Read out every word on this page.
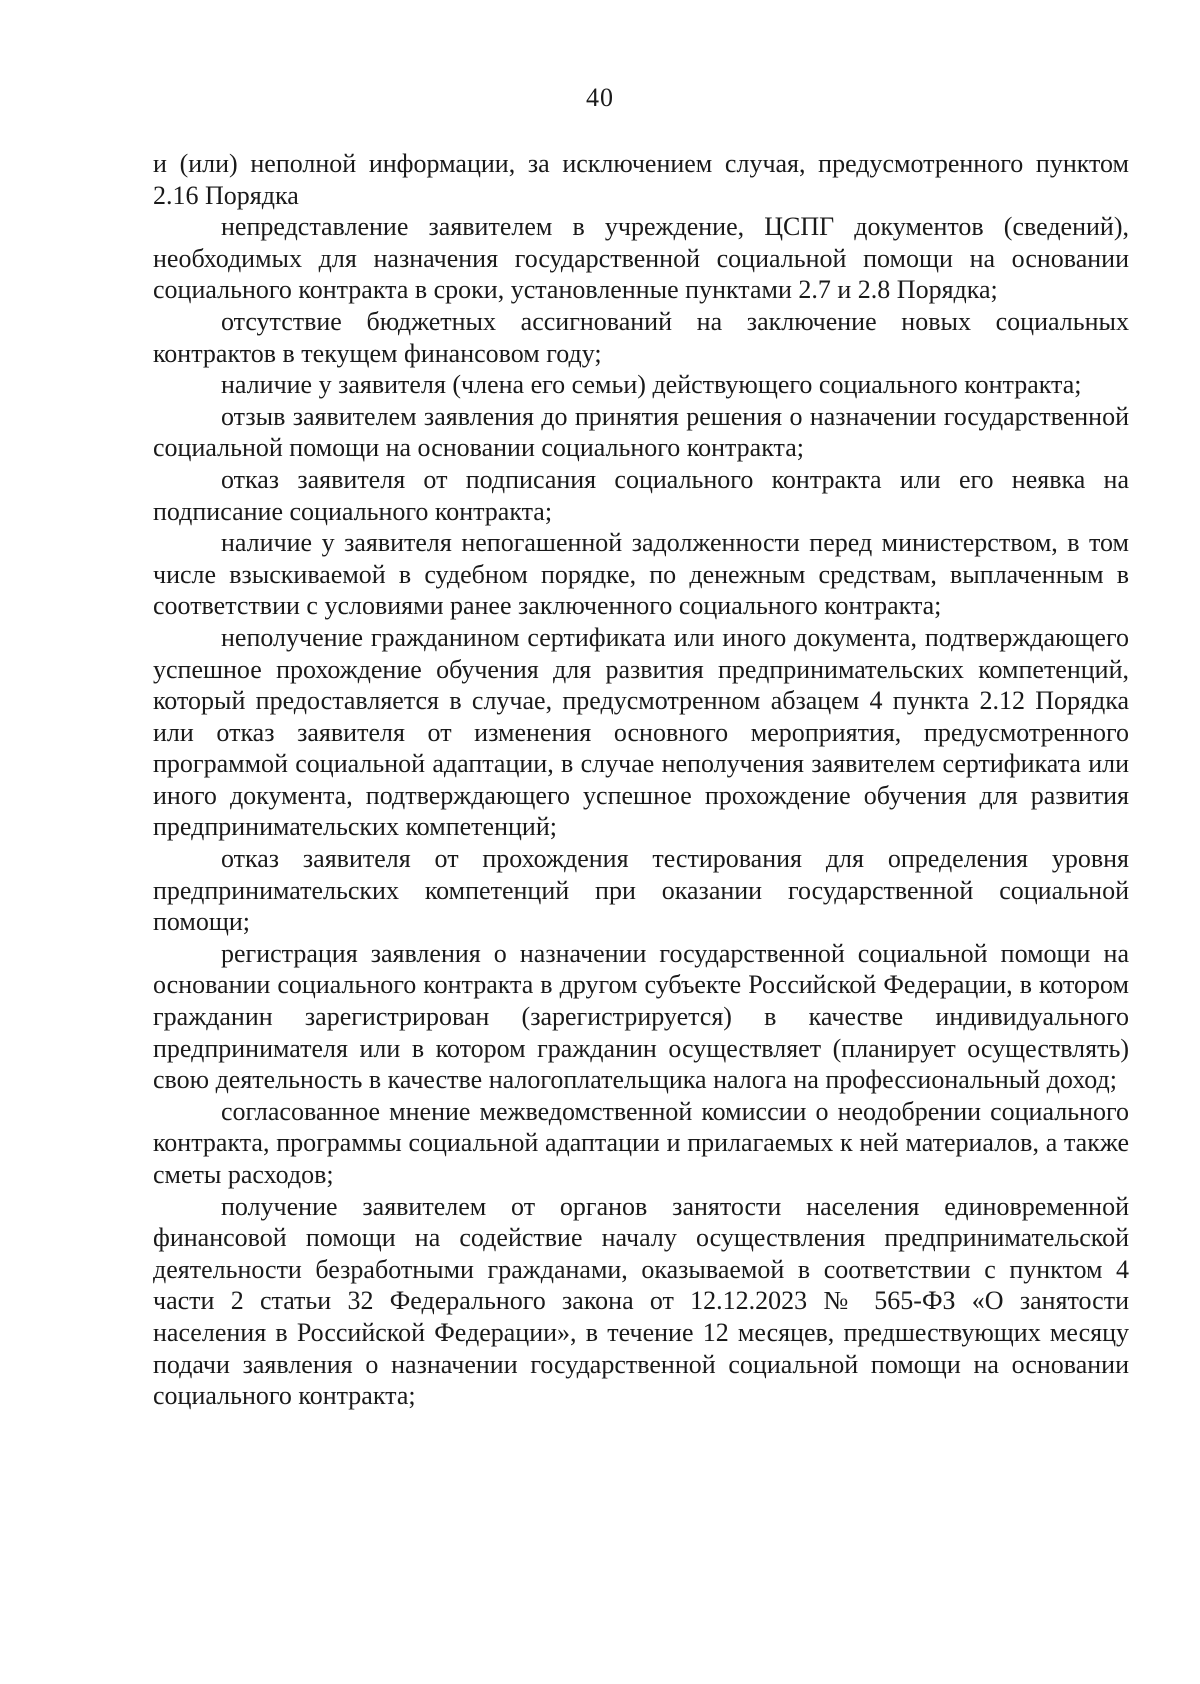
40

и (или) неполной информации, за исключением случая, предусмотренного пунктом 2.16 Порядка

непредставление заявителем в учреждение, ЦСПГ документов (сведений), необходимых для назначения государственной социальной помощи на основании социального контракта в сроки, установленные пунктами 2.7 и 2.8 Порядка;

отсутствие бюджетных ассигнований на заключение новых социальных контрактов в текущем финансовом году;

наличие у заявителя (члена его семьи) действующего социального контракта;

отзыв заявителем заявления до принятия решения о назначении государственной социальной помощи на основании социального контракта;

отказ заявителя от подписания социального контракта или его неявка на подписание социального контракта;

наличие у заявителя непогашенной задолженности перед министерством, в том числе взыскиваемой в судебном порядке, по денежным средствам, выплаченным в соответствии с условиями ранее заключенного социального контракта;

неполучение гражданином сертификата или иного документа, подтверждающего успешное прохождение обучения для развития предпринимательских компетенций, который предоставляется в случае, предусмотренном абзацем 4 пункта 2.12 Порядка или отказ заявителя от изменения основного мероприятия, предусмотренного программой социальной адаптации, в случае неполучения заявителем сертификата или иного документа, подтверждающего успешное прохождение обучения для развития предпринимательских компетенций;

отказ заявителя от прохождения тестирования для определения уровня предпринимательских компетенций при оказании государственной социальной помощи;

регистрация заявления о назначении государственной социальной помощи на основании социального контракта в другом субъекте Российской Федерации, в котором гражданин зарегистрирован (зарегистрируется) в качестве индивидуального предпринимателя или в котором гражданин осуществляет (планирует осуществлять) свою деятельность в качестве налогоплательщика налога на профессиональный доход;

согласованное мнение межведомственной комиссии о неодобрении социального контракта, программы социальной адаптации и прилагаемых к ней материалов, а также сметы расходов;

получение заявителем от органов занятости населения единовременной финансовой помощи на содействие началу осуществления предпринимательской деятельности безработными гражданами, оказываемой в соответствии с пунктом 4 части 2 статьи 32 Федерального закона от 12.12.2023 № 565-ФЗ «О занятости населения в Российской Федерации», в течение 12 месяцев, предшествующих месяцу подачи заявления о назначении государственной социальной помощи на основании социального контракта;
